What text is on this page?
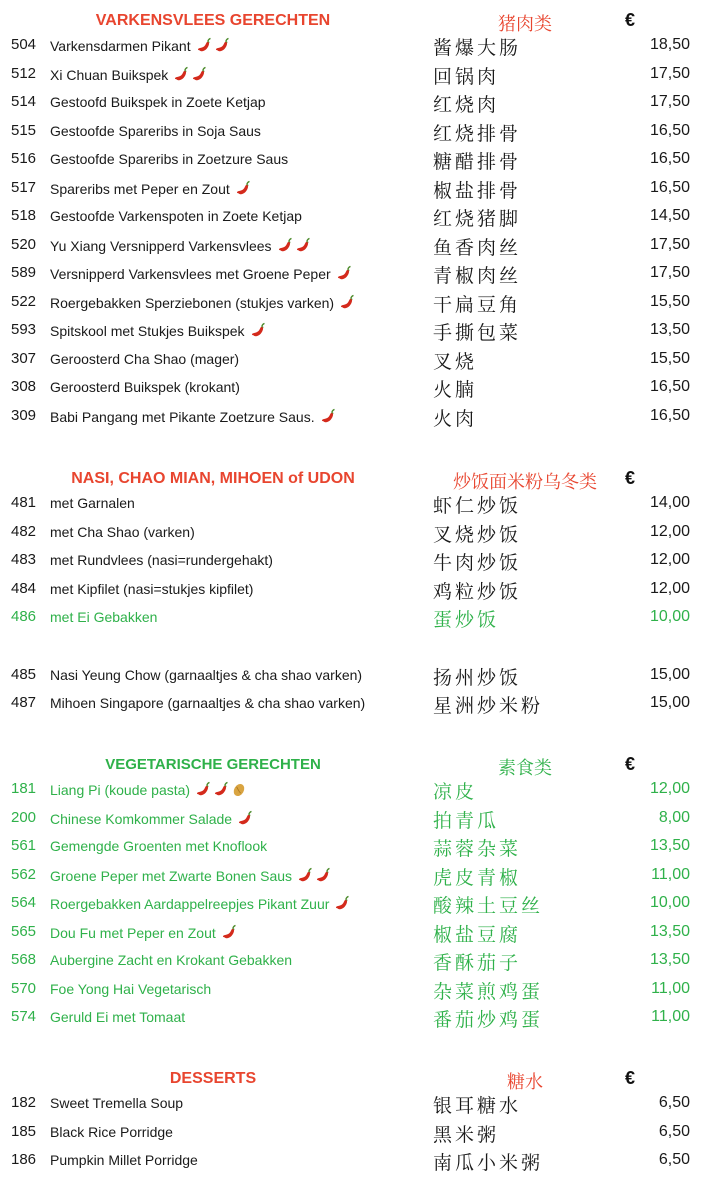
VARKENSVLEES GERECHTEN	猪肉类	€
504 Varkensdarmen Pikant	酱爆大肠	18,50
512 Xi Chuan Buikspek	回锅肉	17,50
514 Gestoofd Buikspek in Zoete Ketjap	红烧肉	17,50
515 Gestoofde Spareribs in Soja Saus	红烧排骨	16,50
516 Gestoofde Spareribs in Zoetzure Saus	糖醋排骨	16,50
517 Spareribs met Peper en Zout	椒盐排骨	16,50
518 Gestoofde Varkenspoten in Zoete Ketjap	红烧猪脚	14,50
520 Yu Xiang Versnipperd Varkensvlees	鱼香肉丝	17,50
589 Versnipperd Varkensvlees met Groene Peper	青椒肉丝	17,50
522 Roergebakken Sperziebonen (stukjes varken)	干扁豆角	15,50
593 Spitskool met Stukjes Buikspek	手撕包菜	13,50
307 Geroosterd Cha Shao (mager)	叉烧	15,50
308 Geroosterd Buikspek (krokant)	火腩	16,50
309 Babi Pangang met Pikante Zoetzure Saus.	火肉	16,50
NASI, CHAO MIAN, MIHOEN of UDON	炒饭面米粉乌冬类	€
481 met Garnalen	虾仁炒饭	14,00
482 met Cha Shao (varken)	叉烧炒饭	12,00
483 met Rundvlees (nasi=rundergehakt)	牛肉炒饭	12,00
484 met Kipfilet (nasi=stukjes kipfilet)	鸡粒炒饭	12,00
486 met Ei Gebakken	蛋炒饭	10,00
485 Nasi Yeung Chow (garnaaltjes & cha shao varken)	扬州炒饭	15,00
487 Mihoen Singapore (garnaaltjes & cha shao varken)	星洲炒米粉	15,00
VEGETARISCHE GERECHTEN	素食类	€
181 Liang Pi (koude pasta)	凉皮	12,00
200 Chinese Komkommer Salade	拍青瓜	8,00
561 Gemengde Groenten met Knoflook	蒜蓉杂菜	13,50
562 Groene Peper met Zwarte Bonen Saus	虎皮青椒	11,00
564 Roergebakken Aardappelreepjes Pikant Zuur	酸辣土豆丝	10,00
565 Dou Fu met Peper en Zout	椒盐豆腐	13,50
568 Aubergine Zacht en Krokant Gebakken	香酥茄子	13,50
570 Foe Yong Hai Vegetarisch	杂菜煎鸡蛋	11,00
574 Geruld Ei met Tomaat	番茄炒鸡蛋	11,00
DESSERTS	糖水	€
182 Sweet Tremella Soup	银耳糖水	6,50
185 Black Rice Porridge	黑米粥	6,50
186 Pumpkin Millet Porridge	南瓜小米粥	6,50
